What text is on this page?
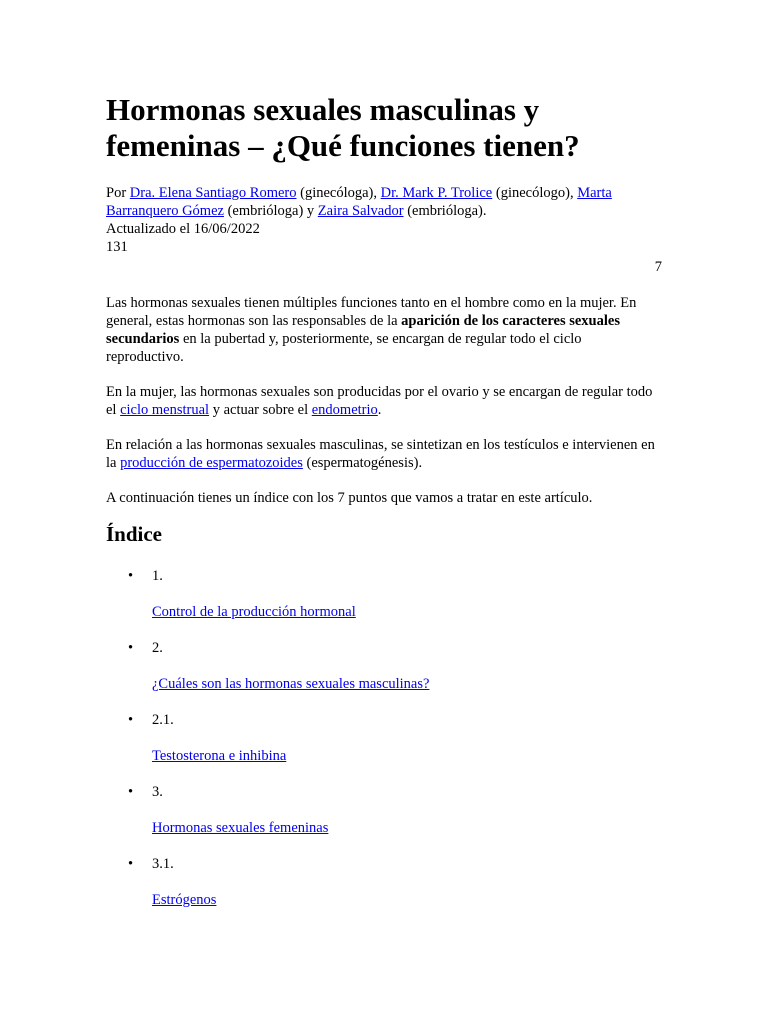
Hormonas sexuales masculinas y femeninas – ¿Qué funciones tienen?
Por Dra. Elena Santiago Romero (ginecóloga), Dr. Mark P. Trolice (ginecólogo), Marta Barranquero Gómez (embrióloga) y Zaira Salvador (embrióloga).
Actualizado el 16/06/2022
131
7

Las hormonas sexuales tienen múltiples funciones tanto en el hombre como en la mujer. En general, estas hormonas son las responsables de la aparición de los caracteres sexuales secundarios en la pubertad y, posteriormente, se encargan de regular todo el ciclo reproductivo.

En la mujer, las hormonas sexuales son producidas por el ovario y se encargan de regular todo el ciclo menstrual y actuar sobre el endometrio.

En relación a las hormonas sexuales masculinas, se sintetizan en los testículos e intervienen en la producción de espermatozoides (espermatogénesis).

A continuación tienes un índice con los 7 puntos que vamos a tratar en este artículo.

Índice
• 1.
Control de la producción hormonal
• 2.
¿Cuáles son las hormonas sexuales masculinas?
• 2.1.
Testosterona e inhibina
• 3.
Hormonas sexuales femeninas
• 3.1.
Estrógenos
